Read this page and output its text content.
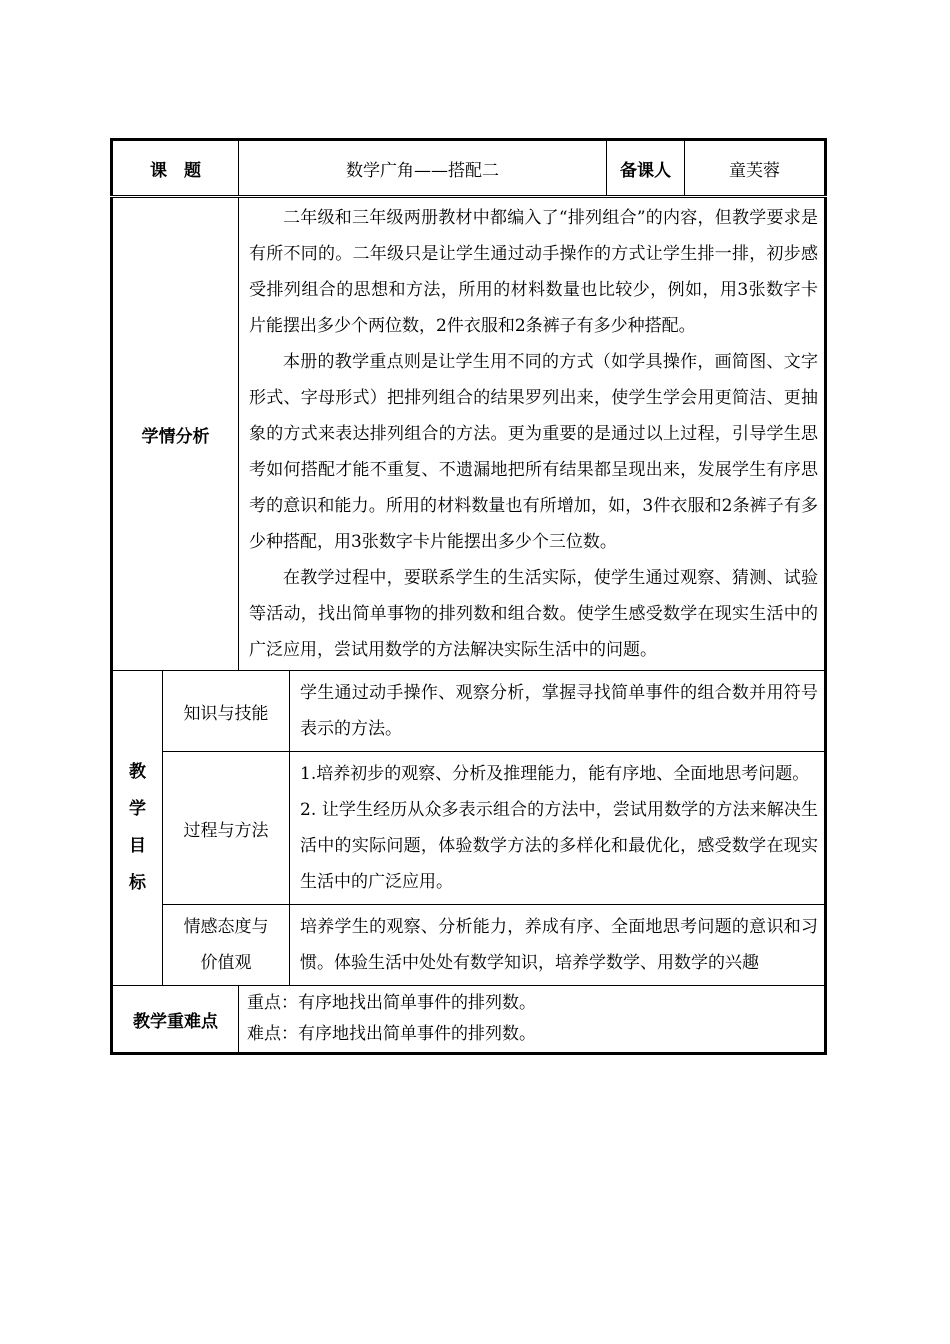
课　题		数学广角——搭配二		备课人	童芙蓉
学情分析		二年级和三年级两册教材中都编入了“排列组合”的内容，但教学要求是有所不同的。二年级只是让学生通过动手操作的方式让学生排一排，初步感受排列组合的思想和方法，所用的材料数量也比较少，例如，用3张数字卡片能摆出多少个两位数，2件衣服和2条裤子有多少种搭配。

本册的教学重点则是让学生用不同的方式（如学具操作，画简图、文字形式、字母形式）把排列组合的结果罗列出来，使学生学会用更简洁、更抽象的方式来表达排列组合的方法。更为重要的是通过以上过程，引导学生思考如何搭配才能不重复、不遗漏地把所有结果都呈现出来，发展学生有序思考的意识和能力。所用的材料数量也有所增加，如，3件衣服和2条裤子有多少种搭配，用3张数字卡片能摆出多少个三位数。

在教学过程中，要联系学生的生活实际，使学生通过观察、猜测、试验等活动，找出简单事物的排列数和组合数。使学生感受数学在现实生活中的广泛应用，尝试用数学的方法解决实际生活中的问题。			

教
学
目
标	知识与技能		学生通过动手操作、观察分析，掌握寻找简单事件的组合数并用符号表示的方法。		
	过程与方法		1.培养初步的观察、分析及推理能力，能有序地、全面地思考问题。
2. 让学生经历从众多表示组合的方法中，尝试用数学的方法来解决生活中的实际问题，体验数学方法的多样化和最优化，感受数学在现实生活中的广泛应用。		

	情感态度与
价值观		培养学生的观察、分析能力，养成有序、全面地思考问题的意识和习惯。体验生活中处处有数学知识，培养学数学、用数学的兴趣		
教学重难点		重点：有序地找出简单事件的排列数。
难点：有序地找出简单事件的排列数。			
